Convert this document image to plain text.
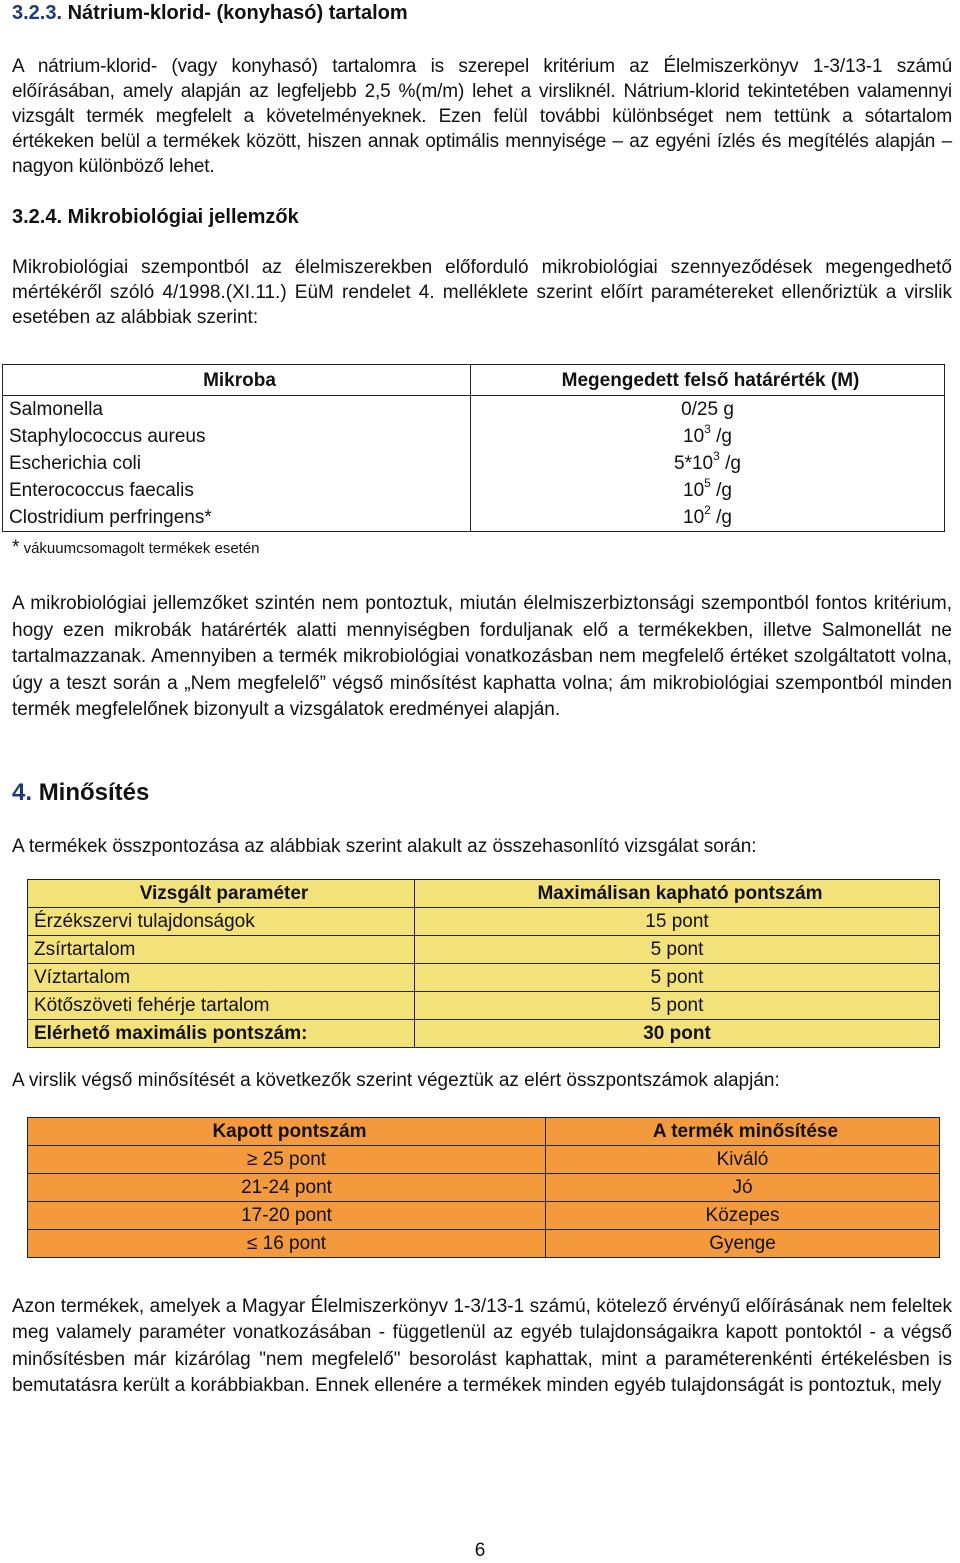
3.2.3. Nátrium-klorid- (konyhasó) tartalom

A nátrium-klorid- (vagy konyhasó) tartalomra is szerepel kritérium az Élelmiszerkönyv 1-3/13-1 számú előírásában, amely alapján az legfeljebb 2,5 %(m/m) lehet a virsliknél. Nátrium-klorid tekintetében valamennyi vizsgált termék megfelelt a követelményeknek. Ezen felül további különbséget nem tettünk a sótartalom értékeken belül a termékek között, hiszen annak optimális mennyisége – az egyéni ízlés és megítélés alapján – nagyon különböző lehet.

3.2.4. Mikrobiológiai jellemzők

Mikrobiológiai szempontból az élelmiszerekben előforduló mikrobiológiai szennyeződések megengedhető mértékéről szóló 4/1998.(XI.11.) EüM rendelet 4. melléklete szerint előírt paramétereket ellenőriztük a virslik esetében az alábbiak szerint:

Mikroba	Megengedett felső határérték (M)
Salmonella	0/25 g
Staphylococcus aureus	$10^3$ /g
Escherichia coli	$5*10^3$ /g
Enterococcus faecalis	$10^5$ /g
Clostridium perfringens*	$10^2$ /g
* vákuumcsomagolt termékek esetén

A mikrobiológiai jellemzőket szintén nem pontoztuk, miután élelmiszerbiztonsági szempontból fontos kritérium, hogy ezen mikrobák határérték alatti mennyiségben forduljanak elő a termékekben, illetve Salmonellát ne tartalmazzanak. Amennyiben a termék mikrobiológiai vonatkozásban nem megfelelő értéket szolgáltatott volna, úgy a teszt során a „Nem megfelelő” végső minősítést kaphatta volna; ám mikrobiológiai szempontból minden termék megfelelőnek bizonyult a vizsgálatok eredményei alapján.

4. Minősítés

A termékek összpontozása az alábbiak szerint alakult az összehasonlító vizsgálat során:

Vizsgált paraméter	Maximálisan kapható pontszám
Érzékszervi tulajdonságok	15 pont
Zsírtartalom	5 pont
Víztartalom	5 pont
Kötőszöveti fehérje tartalom	5 pont
Elérhető maximális pontszám:	30 pont

A virslik végső minősítését a következők szerint végeztük az elért összpontszámok alapján:

Kapott pontszám	A termék minősítése
≥ 25 pont	Kiváló
21-24 pont	Jó
17-20 pont	Közepes
≤ 16 pont	Gyenge

Azon termékek, amelyek a Magyar Élelmiszerkönyv 1-3/13-1 számú, kötelező érvényű előírásának nem feleltek meg valamely paraméter vonatkozásában - függetlenül az egyéb tulajdonságaikra kapott pontoktól - a végső minősítésben már kizárólag "nem megfelelő" besorolást kaphattak, mint a paraméterenkénti értékelésben is bemutatásra került a korábbiakban. Ennek ellenére a termékek minden egyéb tulajdonságát is pontoztuk, mely

6
